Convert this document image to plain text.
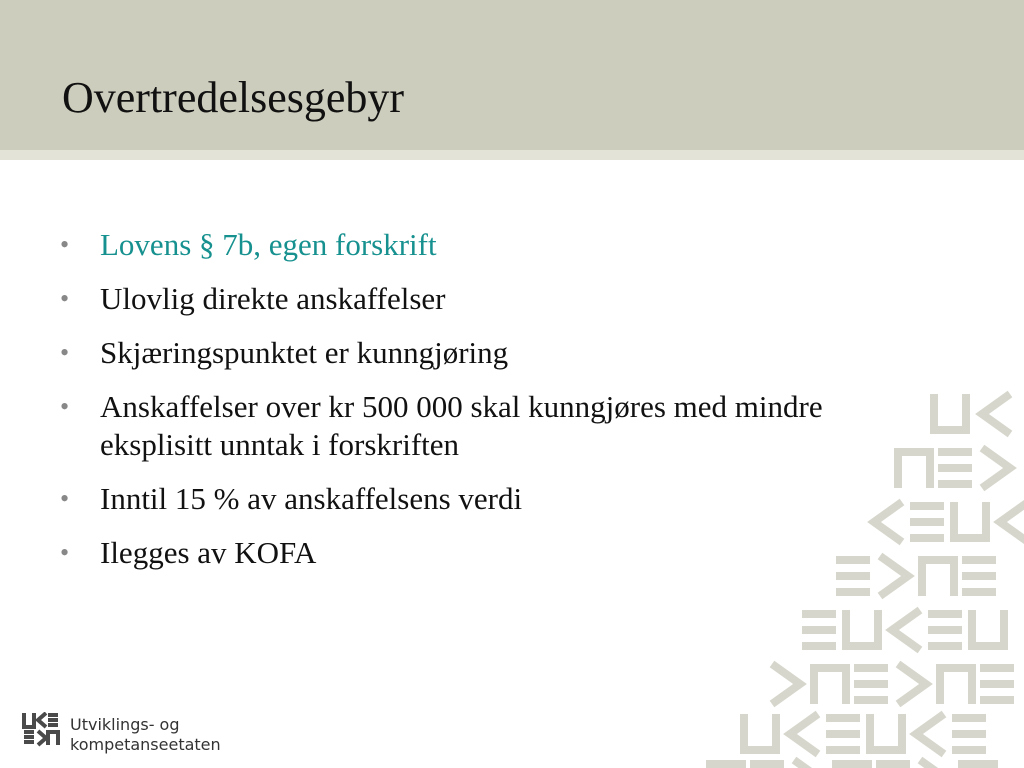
Overtredelsesgebyr
• Lovens § 7b, egen forskrift
• Ulovlig direkte anskaffelser
• Skjæringspunktet er kunngjøring
• Anskaffelser over kr 500 000 skal kunngjøres med mindre eksplisitt unntak i forskriften
• Inntil 15 % av anskaffelsens verdi
• Ilegges av KOFA
Utviklings- og
kompetanseetaten
